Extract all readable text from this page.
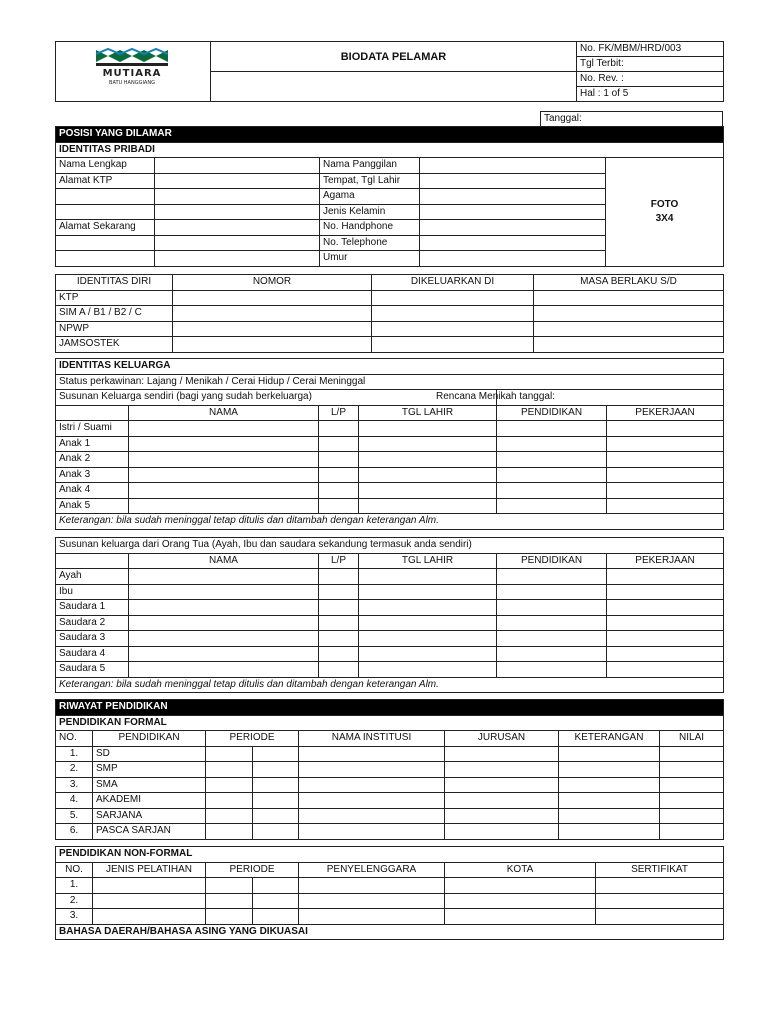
	BIODATA PELAMAR	No. FK/MBM/HRD/003
		Tgl Terbit:
		No. Rev. :
		Hal : 1 of 5
MUTIARA
BATU HANGGIANG
Tanggal:
POSISI YANG DILAMAR				
IDENTITAS PRIBADI				
Nama Lengkap		Nama Panggilan		FOTO
3X4
Alamat KTP		Tempat, Tgl Lahir		
		Agama		
		Jenis Kelamin		
Alamat Sekarang		No. Handphone		
		No. Telephone		
		Umur		
IDENTITAS DIRI	NOMOR	DIKELUARKAN DI	MASA BERLAKU S/D
KTP			
SIM A / B1 / B2 / C			
NPWP			
JAMSOSTEK			
IDENTITAS KELUARGA
Status perkawinan: Lajang / Menikah / Cerai Hidup / Cerai Meninggal
Susunan Keluarga sendiri (bagi yang sudah berkeluarga)	Rencana Menikah tanggal:
	NAMA	L/P	TGL LAHIR	PENDIDIKAN	PEKERJAAN
Istri / Suami					
Anak 1					
Anak 2					
Anak 3					
Anak 4					
Anak 5					
Keterangan: bila sudah meninggal tetap ditulis dan ditambah dengan keterangan Alm.
Susunan keluarga dari Orang Tua (Ayah, Ibu dan saudara sekandung termasuk anda sendiri)					
	NAMA	L/P	TGL LAHIR	PENDIDIKAN	PEKERJAAN
Ayah					
Ibu					
Saudara 1					
Saudara 2					
Saudara 3					
Saudara 4					
Saudara 5					
Keterangan: bila sudah meninggal tetap ditulis dan ditambah dengan keterangan Alm.					
RIWAYAT PENDIDIKAN							
PENDIDIKAN FORMAL							
NO.	PENDIDIKAN	PERIODE		NAMA INSTITUSI	JURUSAN	KETERANGAN	NILAI
1.	SD						
2.	SMP						
3.	SMA						
4.	AKADEMI						
5.	SARJANA						
6.	PASCA SARJAN						
PENDIDIKAN NON-FORMAL						
NO.	JENIS PELATIHAN	PERIODE		PENYELENGGARA	KOTA	SERTIFIKAT
1.						
2.						
3.						
BAHASA DAERAH/BAHASA ASING YANG DIKUASAI						
